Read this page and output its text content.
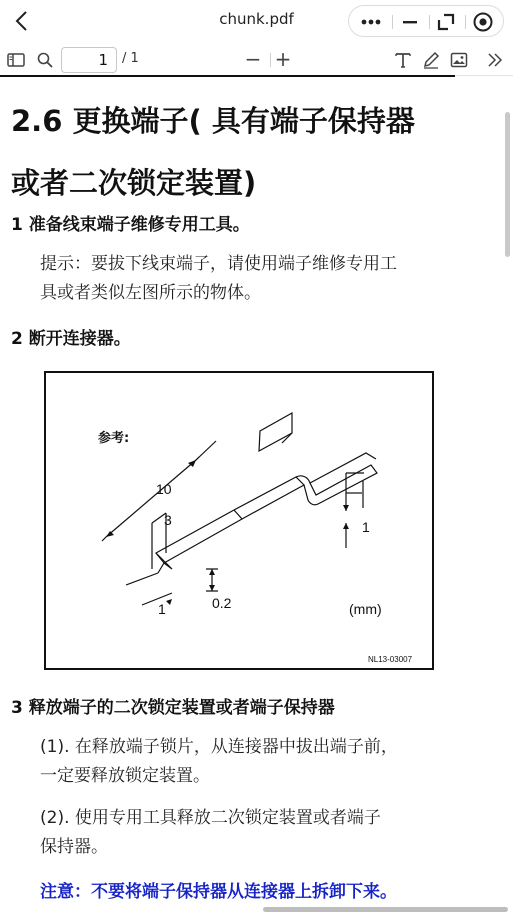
chunk.pdf
1	/ 1	− +
2.6 更换端子( 具有端子保持器
或者二次锁定装置)
1 准备线束端子维修专用工具。
提示：要拔下线束端子，请使用端子维修专用工
具或者类似左图所示的物体。
2 断开连接器。
参考:
10
3	1
1	0.2	(mm)
NL13-03007
3 释放端子的二次锁定装置或者端子保持器
(1). 在释放端子锁片，从连接器中拔出端子前，
一定要释放锁定装置。
(2). 使用专用工具释放二次锁定装置或者端子
保持器。
注意：不要将端子保持器从连接器上拆卸下来。
